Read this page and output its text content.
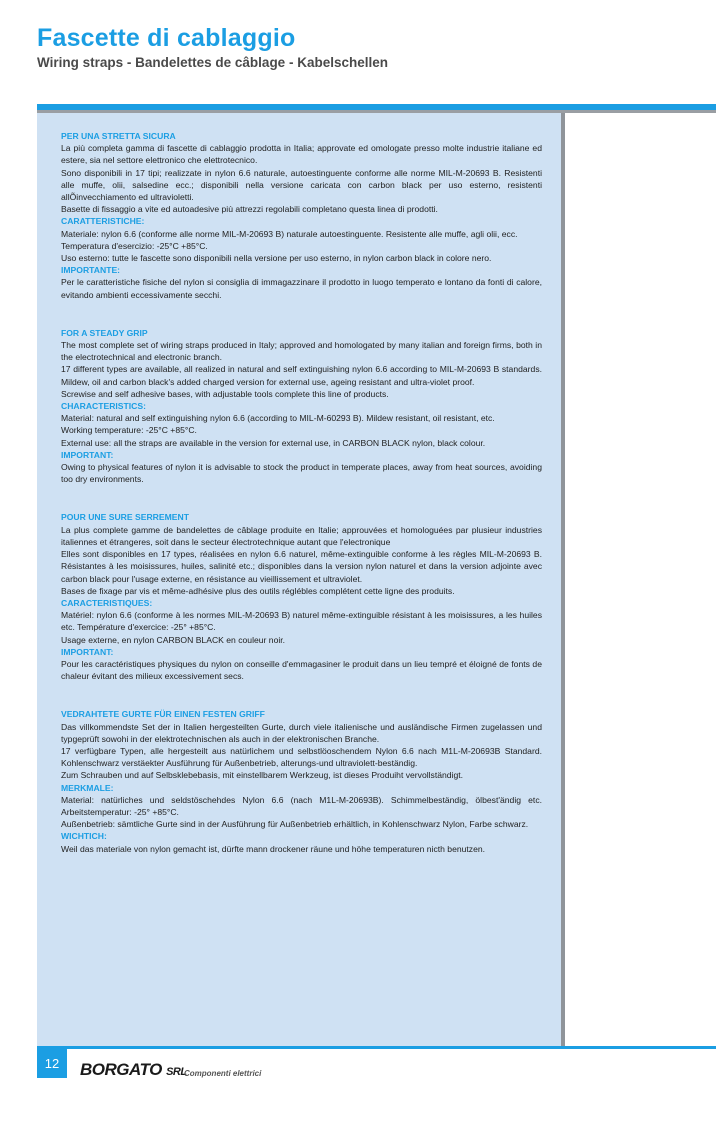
Fascette di cablaggio
Wiring straps - Bandelettes de câblage - Kabelschellen
PER UNA STRETTA SICURA

La più completa gamma di fascette di cablaggio prodotta in Italia; approvate ed omologate presso molte industrie italiane ed estere, sia nel settore elettronico che elettrotecnico.

Sono disponibili in 17 tipi; realizzate in nylon 6.6 naturale, autoestinguente conforme alle norme MIL-M-20693 B. Resistenti alle muffe, olii, salsedine ecc.; disponibili nella versione caricata con carbon black per uso esterno, resistenti allÕinvecchiamento ed ultravioletti.

Basette di fissaggio a vite ed autoadesive più attrezzi regolabili completano questa linea di prodotti.

CARATTERISTICHE:

Materiale: nylon 6.6 (conforme alle norme MIL-M-20693 B) naturale autoestinguente. Resistente alle muffe, agli olii, ecc.

Temperatura d'esercizio: -25°C +85°C.

Uso esterno: tutte le fascette sono disponibili nella versione per uso esterno, in nylon carbon black in colore nero.

IMPORTANTE:

Per le caratteristiche fisiche del nylon si consiglia di immagazzinare il prodotto in luogo temperato e lontano da fonti di calore, evitando ambienti eccessivamente secchi.

FOR A STEADY GRIP

The most complete set of wiring straps produced in Italy; approved and homologated by many italian and foreign firms, both in the electrotechnical and electronic branch.

17 different types are available, all realized in natural and self extinguishing nylon 6.6 according to MIL-M-20693 B standards. Mildew, oil and carbon black's added charged version for external use, ageing resistant and ultra-violet proof.

Screwise and self adhesive bases, with adjustable tools complete this line of products.

CHARACTERISTICS:

Material: natural and self extinguishing nylon 6.6 (according to MIL-M-60293 B). Mildew resistant, oil resistant, etc.

Working temperature: -25°C +85°C.

External use: all the straps are available in the version for external use, in CARBON BLACK nylon, black colour.

IMPORTANT:

Owing to physical features of nylon it is advisable to stock the product in temperate places, away from heat sources, avoiding too dry environments.

POUR UNE SURE SERREMENT

La plus complete gamme de bandelettes de câblage produite en Italie; approuvées et homologuées par plusieur industries italiennes et étrangeres, soit dans le secteur électrotechnique autant que l'electronique

Elles sont disponibles en 17 types, réalisées en nylon 6.6 naturel, même-extinguible conforme à les règles MIL-M-20693 B. Résistantes à les moisissures, huiles, salinité etc.; disponibles dans la version nylon naturel et dans la version adjointe avec carbon black pour l'usage externe, en résistance au vieillissement et ultraviolet.

Bases de fixage par vis et même-adhésive plus des outils réglébles complétent cette ligne des produits.

CARACTERISTIQUES:

Matériel: nylon 6.6 (conforme à les normes MIL-M-20693 B) naturel même-extinguible résistant à les moisissures, a les huiles etc. Température d'exercice: -25° +85°C.

Usage externe, en nylon CARBON BLACK en couleur noir.

IMPORTANT:

Pour les caractéristiques physiques du nylon on conseille d'emmagasiner le produit dans un lieu tempré et éloigné de fonts de chaleur évitant des milieux excessivement secs.

VEDRAHTETE GURTE FÜR EINEN FESTEN GRIFF

Das villkommendste Set der in Italien hergesteilten Gurte, durch viele italienische und ausländische Firmen zugelassen und typgeprüft sowohi in der elektrotechnischen als auch in der elektronischen Branche.

17 verfügbare Typen, alle hergesteilt aus natürlichem und selbstlöoschendem Nylon 6.6 nach M1L-M-20693B Standard. Kohlenschwarz verstäekter Ausführung für Außenbetrieb, alterungs-und ultraviolett-beständig.

Zum Schrauben und auf Selbsklebebasis, mit einstellbarem Werkzeug, ist dieses Produiht vervollständigt.

MERKMALE:

Material: natürliches und seldstöschehdes Nylon 6.6 (nach M1L-M-20693B). Schimmelbeständig, ölbest'ändig etc. Arbeitstemperatur: -25° +85°C.

Außenbetrieb: sämtliche Gurte sind in der Ausführung für Außenbetrieb erhältlich, in Kohlenschwarz Nylon, Farbe schwarz.

WICHTICH:

Weil das materiale von nylon gemacht ist, dürfte mann drockener räune und höhe temperaturen nicth benutzen.

12	BORGATO SRL
Componenti elettrici
